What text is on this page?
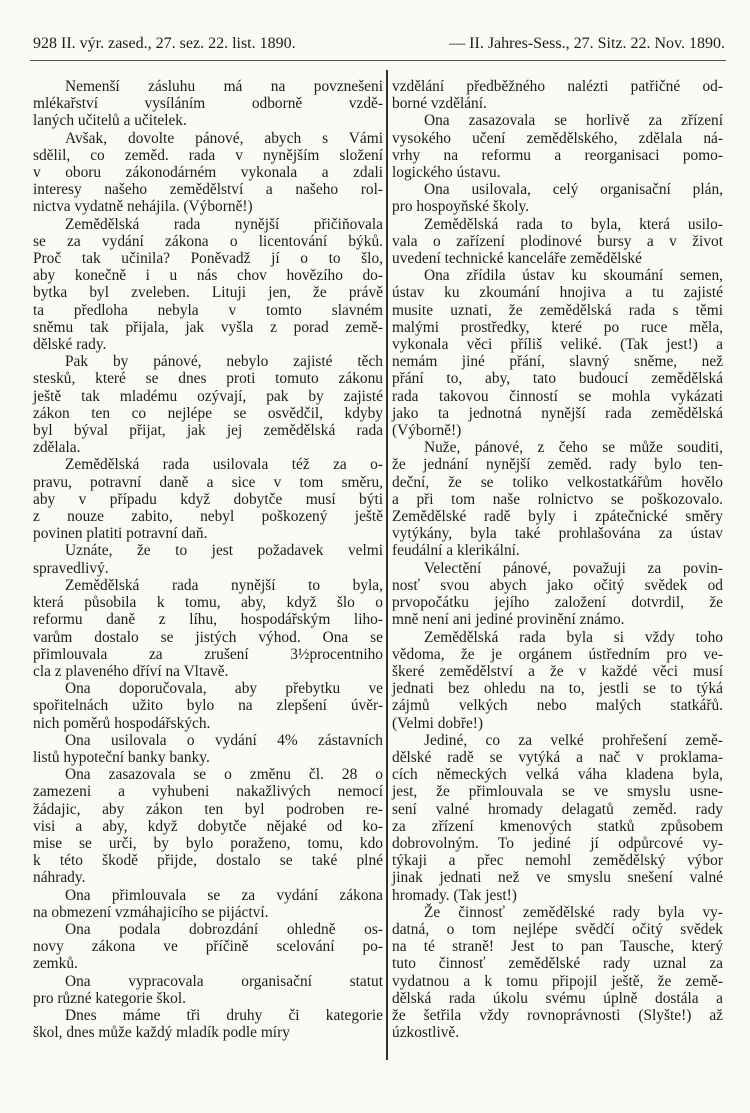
928 II. výr. zased., 27. sez. 22. list. 1890.	— II. Jahres-Sess., 27. Sitz. 22. Nov. 1890.
Nemenší zásluhu má na povznešeni
mlékařství vysíláním odborně vzdě-
laných učitelů a učitelek.
Avšak, dovolte pánové, abych s Vámi
sdělil, co zeměd. rada v nynějším složení
v oboru zákonodárném vykonala a zdali
interesy našeho zemědělství a našeho rol-
nictva vydatně nehájila. (Výborně!)
Zemědělská rada nynější přičiňovala
se za vydání zákona o licentování býků.
Proč tak učinila? Poněvadž jí o to šlo,
aby konečně i u nás chov hovězího do-
bytka byl zveleben. Lituji jen, že právě
ta předloha nebyla v tomto slavném
sněmu tak přijala, jak vyšla z porad země-
dělské rady.
Pak by pánové, nebylo zajisté těch
stesků, které se dnes proti tomuto zákonu
ještě tak mladému ozývají, pak by zajisté
zákon ten co nejlépe se osvědčil, kdyby
byl býval přijat, jak jej zemědělská rada
zdělala.
Zemědělská rada usilovala též za o-
pravu, potravní daně a sice v tom směru,
aby v případu když dobytče musí býti
z nouze zabito, nebyl poškozený ještě
povinen platiti potravní daň.
Uznáte, že to jest požadavek velmi
spravedlivý.
Zemědělská rada nynější to byla,
která působila k tomu, aby, když šlo o
reformu daně z líhu, hospodářským liho-
varům dostalo se jistých výhod. Ona se
přimlouvala za zrušení 3½procentniho
cla z plaveného dříví na Vltavě.
Ona doporučovala, aby přebytku ve
spořitelnách užito bylo na zlepšení úvěr-
nich poměrů hospodářských.
Ona usilovala o vydání 4% zástavních
listů hypoteční banky banky.
Ona zasazovala se o změnu čl. 28 o
zamezeni a vyhubeni nakažlivých nemocí
žádajic, aby zákon ten byl podroben re-
visi a aby, když dobytče nějaké od ko-
mise se urči, by bylo poraženo, tomu, kdo
k této škodě přijde, dostalo se také plné
náhrady.
Ona přimlouvala se za vydání zákona
na obmezení vzmáhajicího se pijáctví.
Ona podala dobrozdání ohledně os-
novy zákona ve příčině scelování po-
zemků.
Ona vypracovala organisační statut
pro různé kategorie škol.
Dnes máme tři druhy či kategorie
škol, dnes může každý mladík podle míry
vzdělání předběžného nalézti patřičné od-
borné vzdělání.
Ona zasazovala se horlivě za zřízení
vysokého učení zemědělského, zdělala ná-
vrhy na reformu a reorganisaci pomo-
logického ústavu.
Ona usilovala, celý organisační plán,
pro hospoyňské školy.
Zemědělská rada to byla, která usilo-
vala o zařízení plodinové bursy a v život
uvedení technické kanceláře zemědělské
Ona zřídila ústav ku skoumání semen,
ústav ku zkoumání hnojiva a tu zajisté
musite uznati, že zemědělská rada s těmi
malými prostředky, které po ruce měla,
vykonala věci příliš veliké. (Tak jest!) a
nemám jiné přání, slavný sněme, než
přání to, aby, tato budoucí zemědělská
rada takovou činností se mohla vykázati
jako ta jednotná nynější rada zemědělská
(Výborně!)
Nuže, pánové, z čeho se může souditi,
že jednání nynější zeměd. rady bylo ten-
deční, že se toliko velkostatkářům hovělo
a při tom naše rolnictvo se poškozovalo.
Zemědělské radě byly i zpátečnické směry
vytýkány, byla také prohlašována za ústav
feudální a klerikální.
Velectění pánové, považuji za povin-
nosť svou abych jako očitý svědek od
prvopočátku jejího založení dotvrdil, že
mně není ani jediné provinění známo.
Zemědělská rada byla si vždy toho
vědoma, že je orgánem ústředním pro ve-
škeré zemědělství a že v každé věci musí
jednati bez ohledu na to, jestli se to týká
zájmů velkých nebo malých statkářů.
(Velmi dobře!)
Jediné, co za velké prohřešení země-
dělské radě se vytýká a nač v proklama-
cích německých velká váha kladena byla,
jest, že přimlouvala se ve smyslu usne-
sení valné hromady delagatů zeměd. rady
za zřízení kmenových statků způsobem
dobrovolným. To jediné jí odpůrcové vy-
týkaji a přec nemohl zemědělský výbor
jinak jednati než ve smyslu snešení valné
hromady. (Tak jest!)
Že činnosť zemědělské rady byla vy-
datná, o tom nejlépe svědčí očitý svědek
na té straně! Jest to pan Tausche, který
tuto činnosť zemědělské rady uznal za
vydatnou a k tomu připojil ještě, že země-
dělská rada úkolu svému úplně dostála a
že šetřila vždy rovnoprávnosti (Slyšte!) až
úzkostlivě.
